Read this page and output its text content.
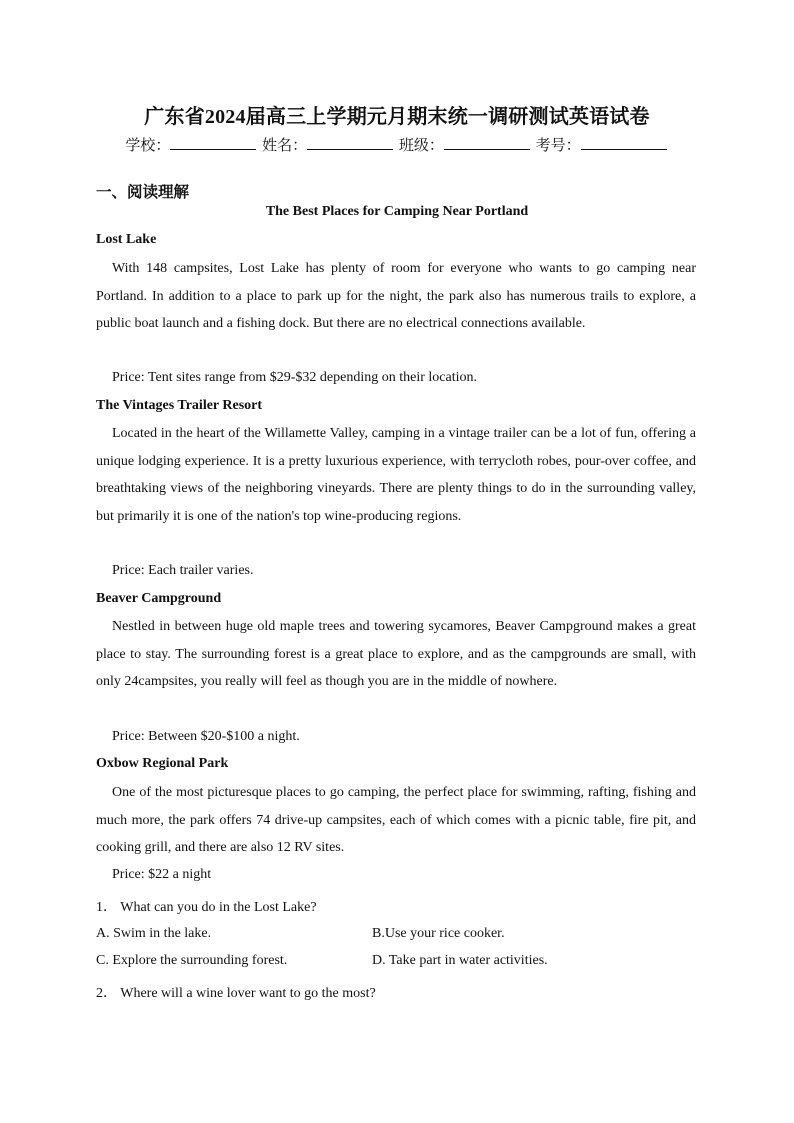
广东省2024届高三上学期元月期末统一调研测试英语试卷
学校：	姓名：	班级：	考号：
一、阅读理解
The Best Places for Camping Near Portland
Lost Lake

With 148 campsites, Lost Lake has plenty of room for everyone who wants to go camping near Portland. In addition to a place to park up for the night, the park also has numerous trails to explore, a public boat launch and a fishing dock. But there are no electrical connections available.

Price: Tent sites range from $29-$32 depending on their location.
The Vintages Trailer Resort

Located in the heart of the Willamette Valley, camping in a vintage trailer can be a lot of fun, offering a unique lodging experience. It is a pretty luxurious experience, with terrycloth robes, pour-over coffee, and breathtaking views of the neighboring vineyards. There are plenty things to do in the surrounding valley, but primarily it is one of the nation's top wine-producing regions.

Price: Each trailer varies.
Beaver Campground

Nestled in between huge old maple trees and towering sycamores, Beaver Campground makes a great place to stay. The surrounding forest is a great place to explore, and as the campgrounds are small, with only 24campsites, you really will feel as though you are in the middle of nowhere.

Price: Between $20-$100 a night.
Oxbow Regional Park

One of the most picturesque places to go camping, the perfect place for swimming, rafting, fishing and much more, the park offers 74 drive-up campsites, each of which comes with a picnic table, fire pit, and cooking grill, and there are also 12 RV sites.

Price: $22 a night
1． What can you do in the Lost Lake?
A. Swim in the lake.	B.Use your rice cooker.
C. Explore the surrounding forest.	D. Take part in water activities.
2． Where will a wine lover want to go the most?
